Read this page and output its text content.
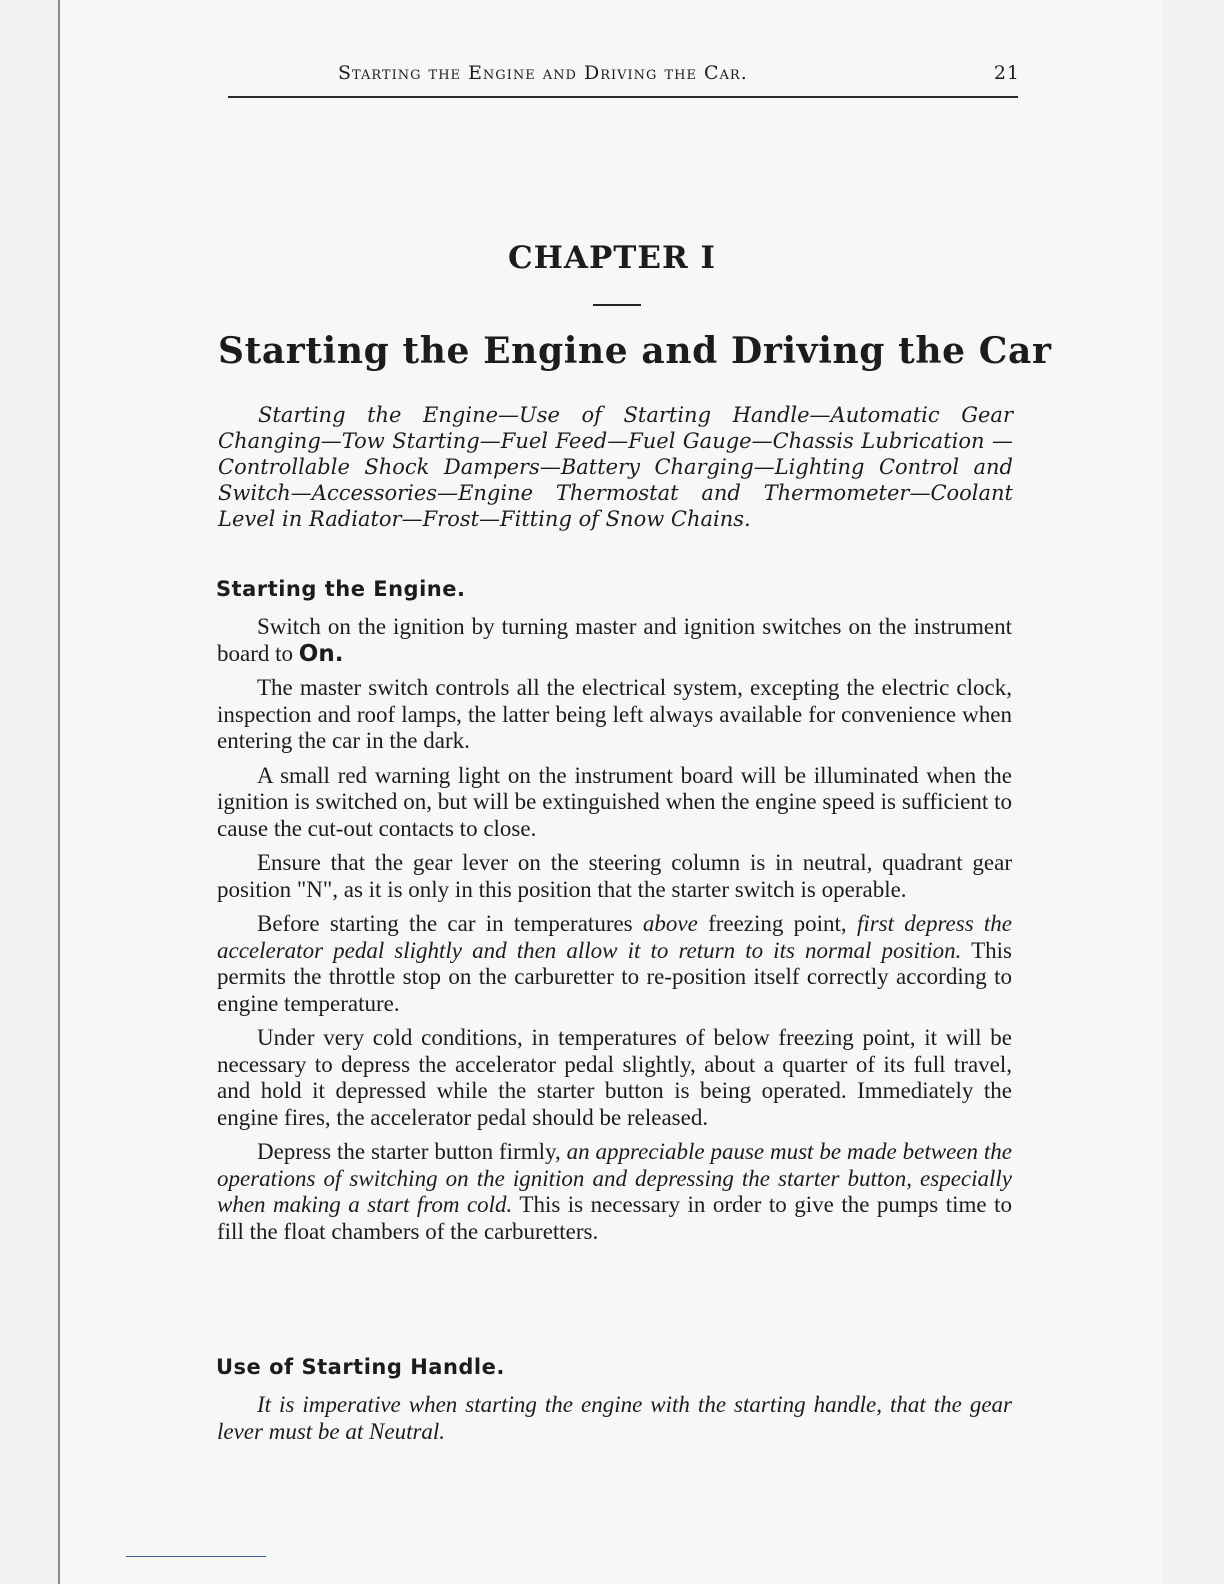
Starting the Engine and Driving the Car.	21
CHAPTER I
Starting the Engine and Driving the Car
Starting the Engine—Use of Starting Handle—Automatic Gear Changing—Tow Starting—Fuel Feed—Fuel Gauge—Chassis Lubrication —Controllable Shock Dampers—Battery Charging—Lighting Control and Switch—Accessories—Engine Thermostat and Thermometer—Coolant Level in Radiator—Frost—Fitting of Snow Chains.
Starting the Engine.

Switch on the ignition by turning master and ignition switches on the instrument board to On.

The master switch controls all the electrical system, excepting the electric clock, inspection and roof lamps, the latter being left always available for convenience when entering the car in the dark.

A small red warning light on the instrument board will be illuminated when the ignition is switched on, but will be extinguished when the engine speed is sufficient to cause the cut-out contacts to close.

Ensure that the gear lever on the steering column is in neutral, quadrant gear position "N", as it is only in this position that the starter switch is operable.

Before starting the car in temperatures above freezing point, first depress the accelerator pedal slightly and then allow it to return to its normal position. This permits the throttle stop on the carburetter to re-position itself correctly according to engine temperature.

Under very cold conditions, in temperatures of below freezing point, it will be necessary to depress the accelerator pedal slightly, about a quarter of its full travel, and hold it depressed while the starter button is being operated. Immediately the engine fires, the accelerator pedal should be released.

Depress the starter button firmly, an appreciable pause must be made between the operations of switching on the ignition and depressing the starter button, especially when making a start from cold. This is necessary in order to give the pumps time to fill the float chambers of the carburetters.

Use of Starting Handle.

It is imperative when starting the engine with the starting handle, that the gear lever must be at Neutral.
